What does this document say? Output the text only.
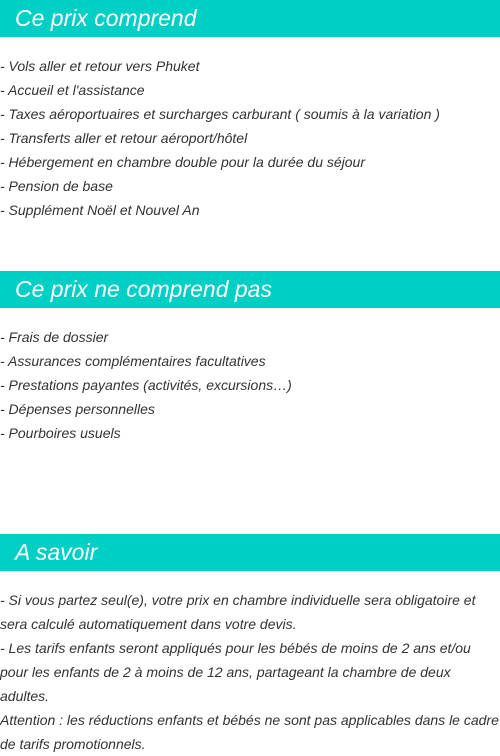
Ce prix comprend
- Vols aller et retour vers Phuket
- Accueil et l'assistance
- Taxes aéroportuaires et surcharges carburant ( soumis à la variation )
- Transferts aller et retour aéroport/hôtel
- Hébergement en chambre double pour la durée du séjour
- Pension de base
- Supplément Noël et Nouvel An
Ce prix ne comprend pas
- Frais de dossier
- Assurances complémentaires facultatives
- Prestations payantes (activités, excursions…)
- Dépenses personnelles
- Pourboires usuels
A savoir

- Si vous partez seul(e), votre prix en chambre individuelle sera obligatoire et sera calculé automatiquement dans votre devis.

- Les tarifs enfants seront appliqués pour les bébés de moins de 2 ans et/ou pour les enfants de 2 à moins de 12 ans, partageant la chambre de deux adultes.

Attention : les réductions enfants et bébés ne sont pas applicables dans le cadre de tarifs promotionnels.
